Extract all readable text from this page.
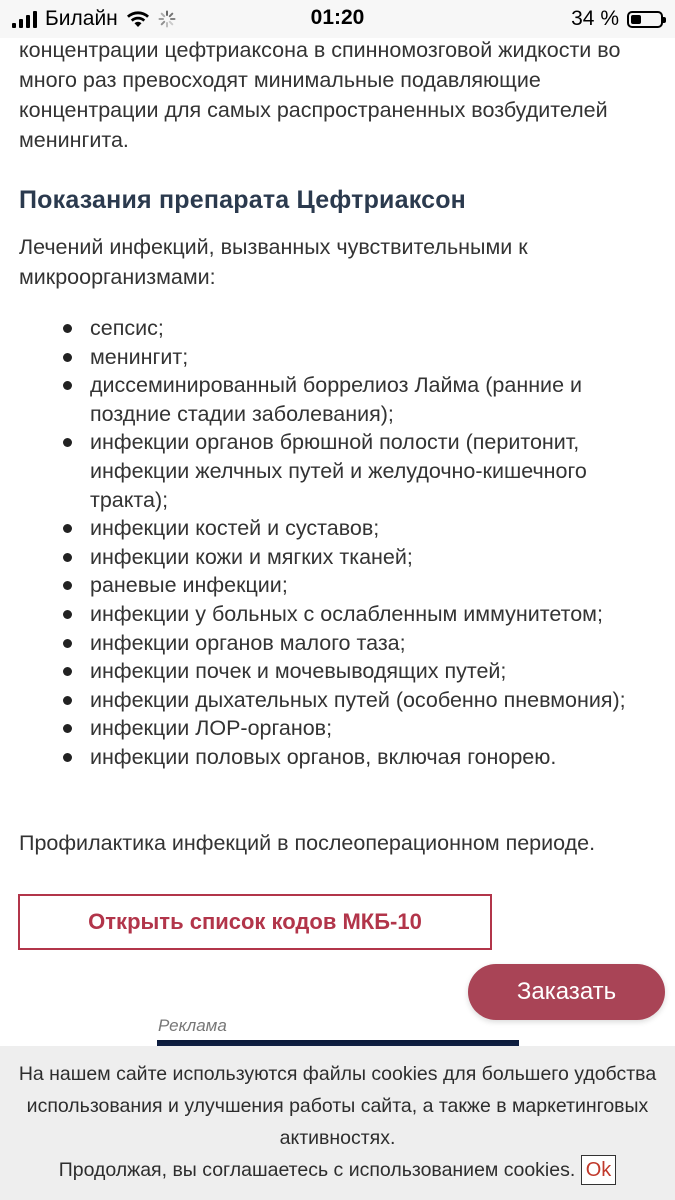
Билайн	01:20	34 %

концентрации цефтриаксона в спинномозговой жидкости во много раз превосходят минимальные подавляющие концентрации для самых распространенных возбудителей менингита.

Показания препарата Цефтриаксон

Лечений инфекций, вызванных чувствительными к микроорганизмами:

сепсис;
менингит;
диссеминированный боррелиоз Лайма (ранние и поздние стадии заболевания);
инфекции органов брюшной полости (перитонит, инфекции желчных путей и желудочно-кишечного тракта);
инфекции костей и суставов;
инфекции кожи и мягких тканей;
раневые инфекции;
инфекции у больных с ослабленным иммунитетом;
инфекции органов малого таза;
инфекции почек и мочевыводящих путей;
инфекции дыхательных путей (особенно пневмония);
инфекции ЛОР-органов;
инфекции половых органов, включая гонорею.

Профилактика инфекций в послеоперационном периоде.

Открыть список кодов МКБ-10
Заказать
Реклама

На нашем сайте используются файлы cookies для большего удобства использования и улучшения работы сайта, а также в маркетинговых активностях.

Продолжая, вы соглашаетесь с использованием cookies. Ok
